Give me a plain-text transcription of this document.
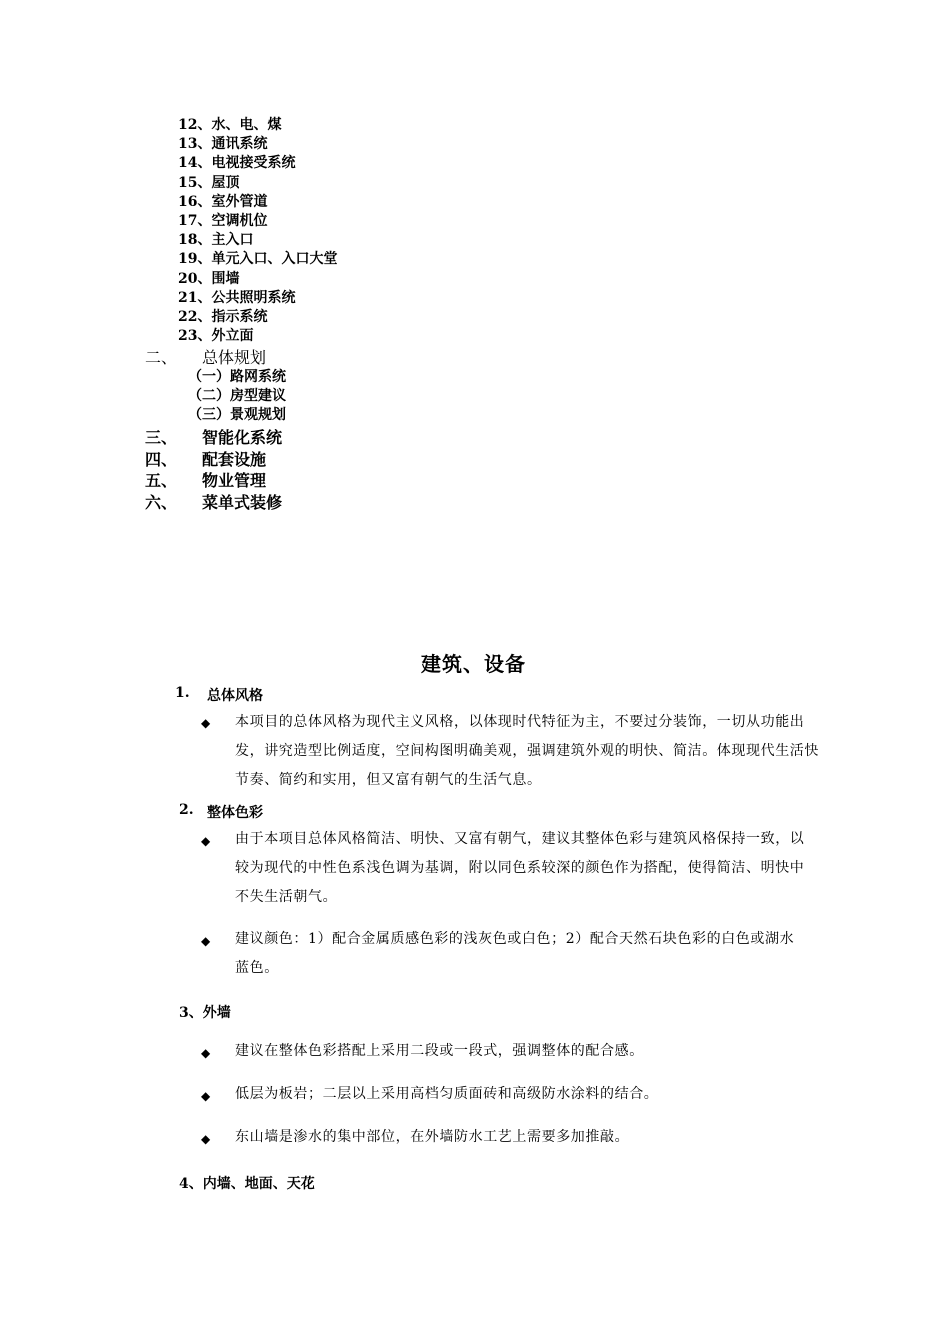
12、水、电、煤
13、通讯系统
14、电视接受系统
15、屋顶
16、室外管道
17、空调机位
18、主入口
19、单元入口、入口大堂
20、围墙
21、公共照明系统
22、指示系统
23、外立面
二、 总体规划
（一）路网系统
（二）房型建议
（三）景观规划
三、 智能化系统
四、 配套设施
五、 物业管理
六、 菜单式装修
建筑、设备
1. 总体风格
◆ 本项目的总体风格为现代主义风格，以体现时代特征为主，不要过分装饰，一切从功能出发，讲究造型比例适度，空间构图明确美观，强调建筑外观的明快、简洁。体现现代生活快节奏、简约和实用，但又富有朝气的生活气息。
2. 整体色彩
◆ 由于本项目总体风格简洁、明快、又富有朝气，建议其整体色彩与建筑风格保持一致，以较为现代的中性色系浅色调为基调，附以同色系较深的颜色作为搭配，使得简洁、明快中不失生活朝气。
◆ 建议颜色：1）配合金属质感色彩的浅灰色或白色；2）配合天然石块色彩的白色或湖水蓝色。
3、外墙
◆ 建议在整体色彩搭配上采用二段或一段式，强调整体的配合感。
◆ 低层为板岩；二层以上采用高档匀质面砖和高级防水涂料的结合。
◆ 东山墙是渗水的集中部位，在外墙防水工艺上需要多加推敲。
4、内墙、地面、天花
